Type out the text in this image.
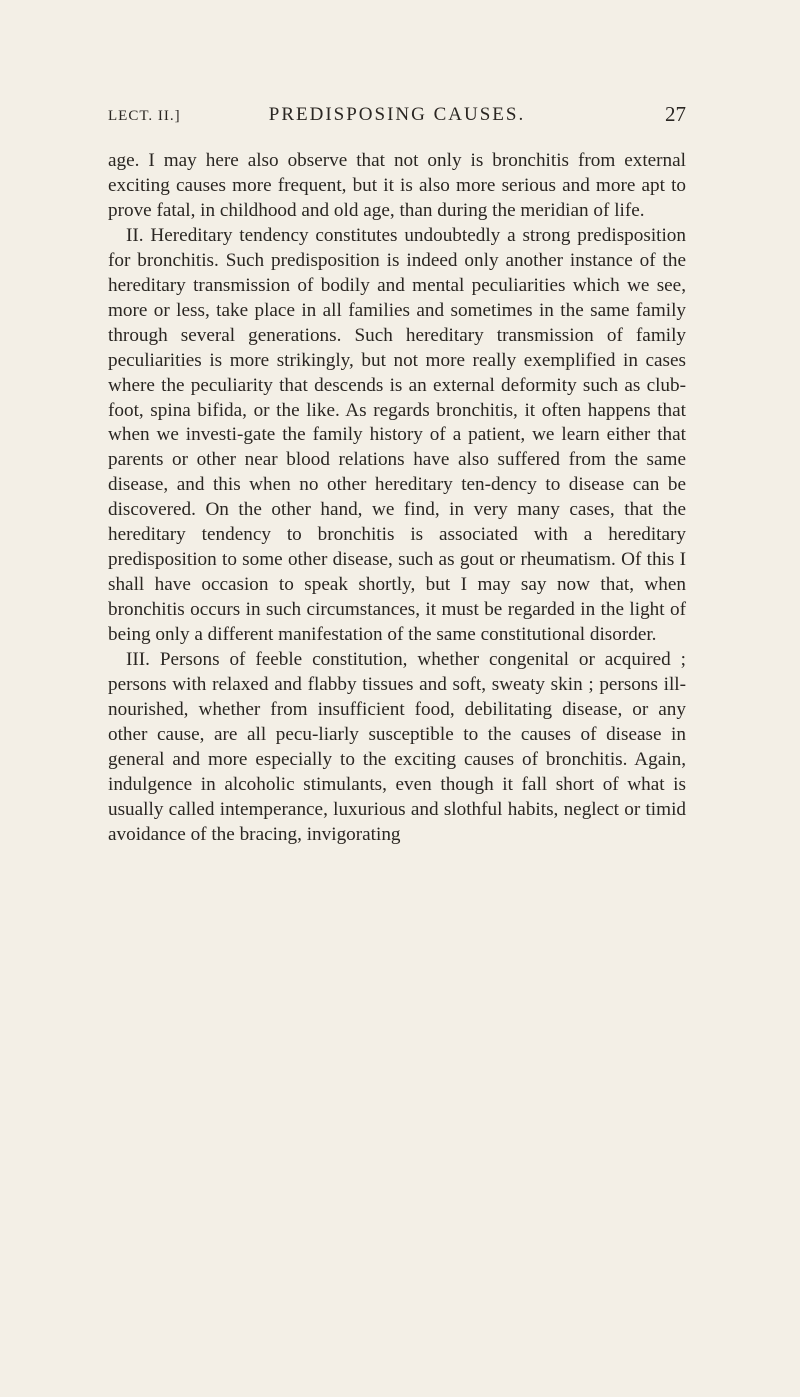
LECT. II.]	PREDISPOSING CAUSES.	27

age. I may here also observe that not only is bronchitis from external exciting causes more frequent, but it is also more serious and more apt to prove fatal, in childhood and old age, than during the meridian of life.

II. Hereditary tendency constitutes undoubtedly a strong predisposition for bronchitis. Such predisposition is indeed only another instance of the hereditary transmission of bodily and mental peculiarities which we see, more or less, take place in all families and sometimes in the same family through several generations. Such hereditary transmission of family peculiarities is more strikingly, but not more really exemplified in cases where the peculiarity that descends is an external deformity such as club-foot, spina bifida, or the like. As regards bronchitis, it often happens that when we investi-gate the family history of a patient, we learn either that parents or other near blood relations have also suffered from the same disease, and this when no other hereditary ten-dency to disease can be discovered. On the other hand, we find, in very many cases, that the hereditary tendency to bronchitis is associated with a hereditary predisposition to some other disease, such as gout or rheumatism. Of this I shall have occasion to speak shortly, but I may say now that, when bronchitis occurs in such circumstances, it must be regarded in the light of being only a different manifestation of the same constitutional disorder.

III. Persons of feeble constitution, whether congenital or acquired ; persons with relaxed and flabby tissues and soft, sweaty skin ; persons ill-nourished, whether from insufficient food, debilitating disease, or any other cause, are all pecu-liarly susceptible to the causes of disease in general and more especially to the exciting causes of bronchitis. Again, indulgence in alcoholic stimulants, even though it fall short of what is usually called intemperance, luxurious and slothful habits, neglect or timid avoidance of the bracing, invigorating
